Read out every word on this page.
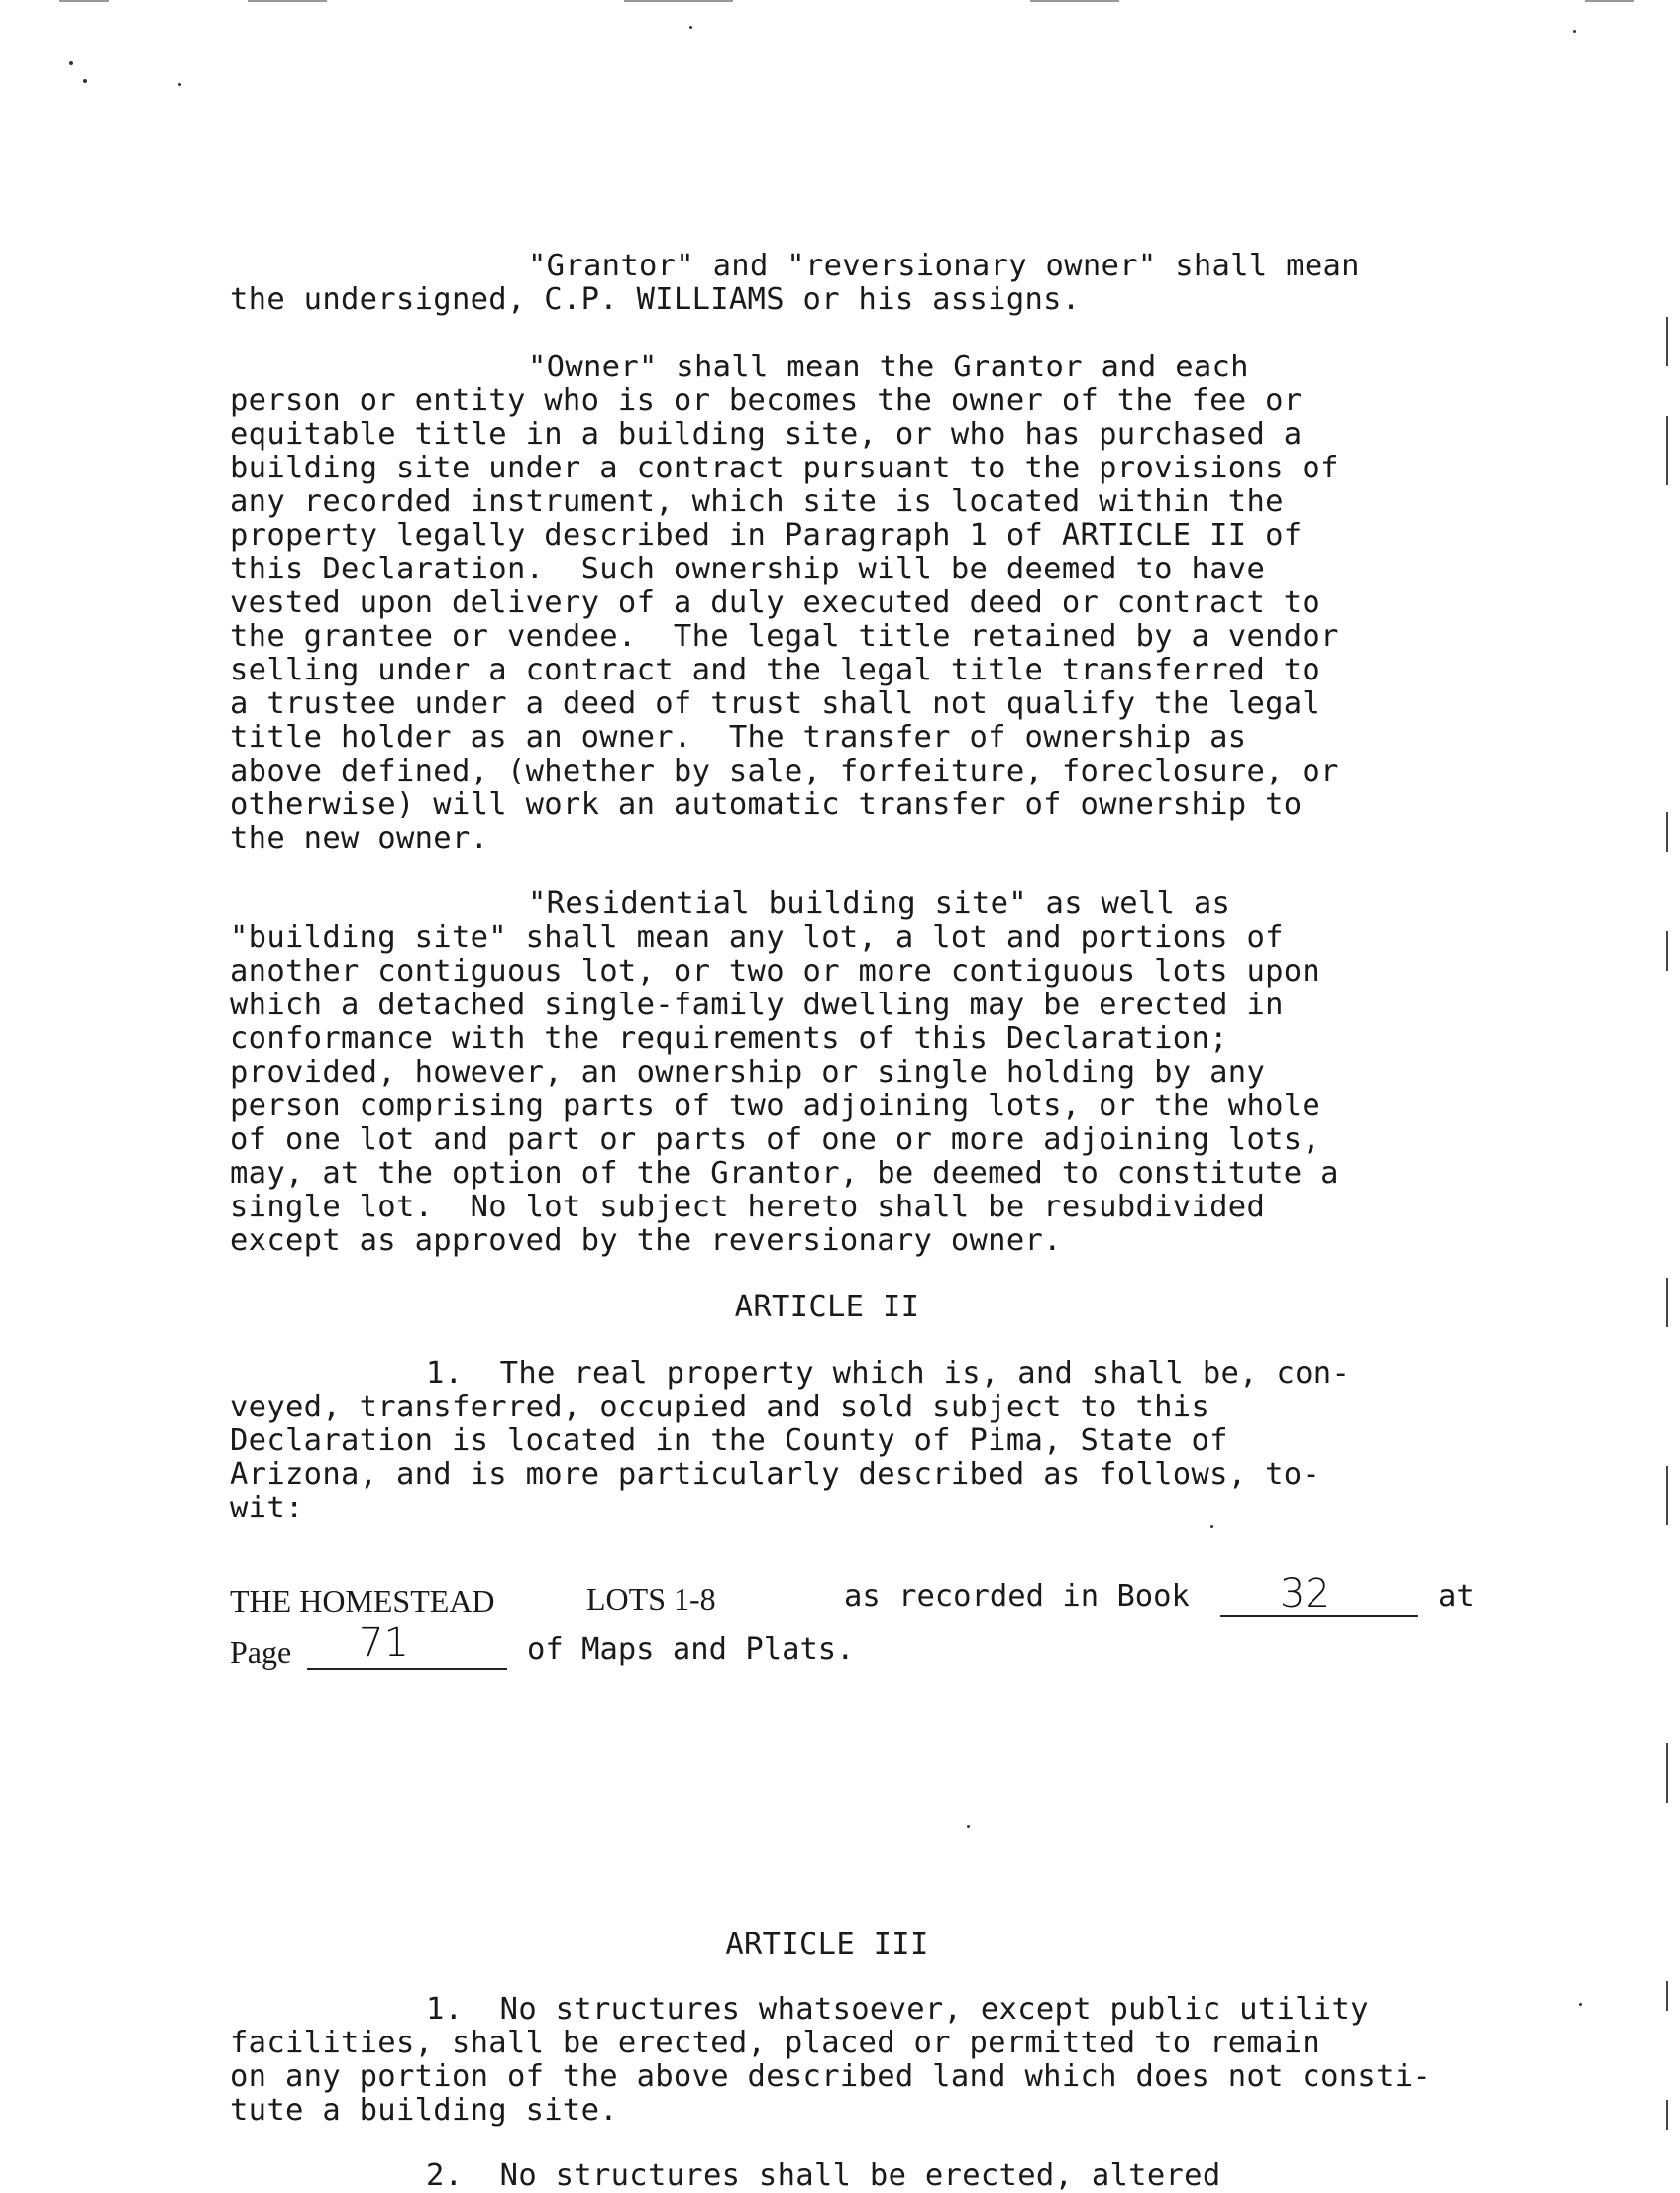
"Grantor" and "reversionary owner" shall mean

the undersigned, C.P. WILLIAMS or his assigns.

"Owner" shall mean the Grantor and each

person or entity who is or becomes the owner of the fee or

equitable title in a building site, or who has purchased a

building site under a contract pursuant to the provisions of

any recorded instrument, which site is located within the

property legally described in Paragraph 1 of ARTICLE II of

this Declaration.  Such ownership will be deemed to have

vested upon delivery of a duly executed deed or contract to

the grantee or vendee.  The legal title retained by a vendor

selling under a contract and the legal title transferred to

a trustee under a deed of trust shall not qualify the legal

title holder as an owner.  The transfer of ownership as

above defined, (whether by sale, forfeiture, foreclosure, or

otherwise) will work an automatic transfer of ownership to

the new owner.

"Residential building site" as well as

"building site" shall mean any lot, a lot and portions of

another contiguous lot, or two or more contiguous lots upon

which a detached single-family dwelling may be erected in

conformance with the requirements of this Declaration;

provided, however, an ownership or single holding by any

person comprising parts of two adjoining lots, or the whole

of one lot and part or parts of one or more adjoining lots,

may, at the option of the Grantor, be deemed to constitute a

single lot.  No lot subject hereto shall be resubdivided

except as approved by the reversionary owner.

ARTICLE II

1.  The real property which is, and shall be, con-

veyed, transferred, occupied and sold subject to this

Declaration is located in the County of Pima, State of

Arizona, and is more particularly described as follows, to-

wit:

THE HOMESTEAD	LOTS 1-8	as recorded in Book 32	at
Page 71	of Maps and Plats.
ARTICLE III

1.  No structures whatsoever, except public utility

facilities, shall be erected, placed or permitted to remain

on any portion of the above described land which does not consti-

tute a building site.

2.  No structures shall be erected, altered
